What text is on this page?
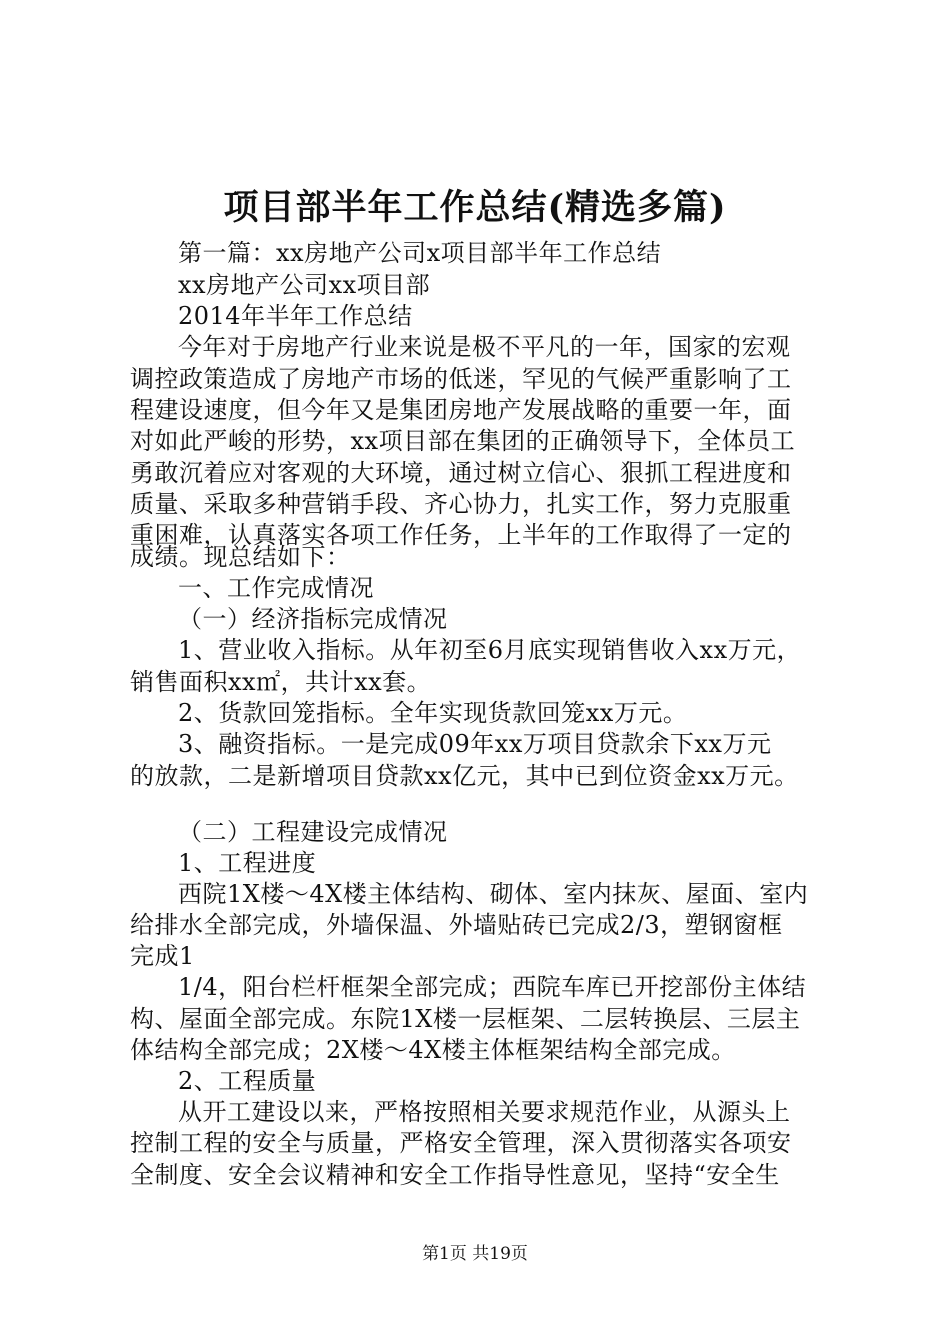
项目部半年工作总结(精选多篇)
第一篇：xx房地产公司x项目部半年工作总结
xx房地产公司xx项目部
2014年半年工作总结
今年对于房地产行业来说是极不平凡的一年，国家的宏观
调控政策造成了房地产市场的低迷，罕见的气候严重影响了工
程建设速度，但今年又是集团房地产发展战略的重要一年，面
对如此严峻的形势，xx项目部在集团的正确领导下，全体员工
勇敢沉着应对客观的大环境，通过树立信心、狠抓工程进度和
质量、采取多种营销手段、齐心协力，扎实工作，努力克服重
重困难，认真落实各项工作任务，上半年的工作取得了一定的
成绩。现总结如下：
一、工作完成情况
（一）经济指标完成情况
1、营业收入指标。从年初至6月底实现销售收入xx万元，
销售面积xx㎡，共计xx套。
2、货款回笼指标。全年实现货款回笼xx万元。
3、融资指标。一是完成09年xx万项目贷款余下xx万元
的放款，二是新增项目贷款xx亿元，其中已到位资金xx万元。
（二）工程建设完成情况
1、工程进度
西院1X楼～4X楼主体结构、砌体、室内抹灰、屋面、室内
给排水全部完成，外墙保温、外墙贴砖已完成2/3，塑钢窗框
完成1
1/4，阳台栏杆框架全部完成；西院车库已开挖部份主体结
构、屋面全部完成。东院1X楼一层框架、二层转换层、三层主
体结构全部完成；2X楼～4X楼主体框架结构全部完成。
2、工程质量
从开工建设以来，严格按照相关要求规范作业，从源头上
控制工程的安全与质量，严格安全管理，深入贯彻落实各项安
全制度、安全会议精神和安全工作指导性意见，坚持“安全生
第1页 共19页
